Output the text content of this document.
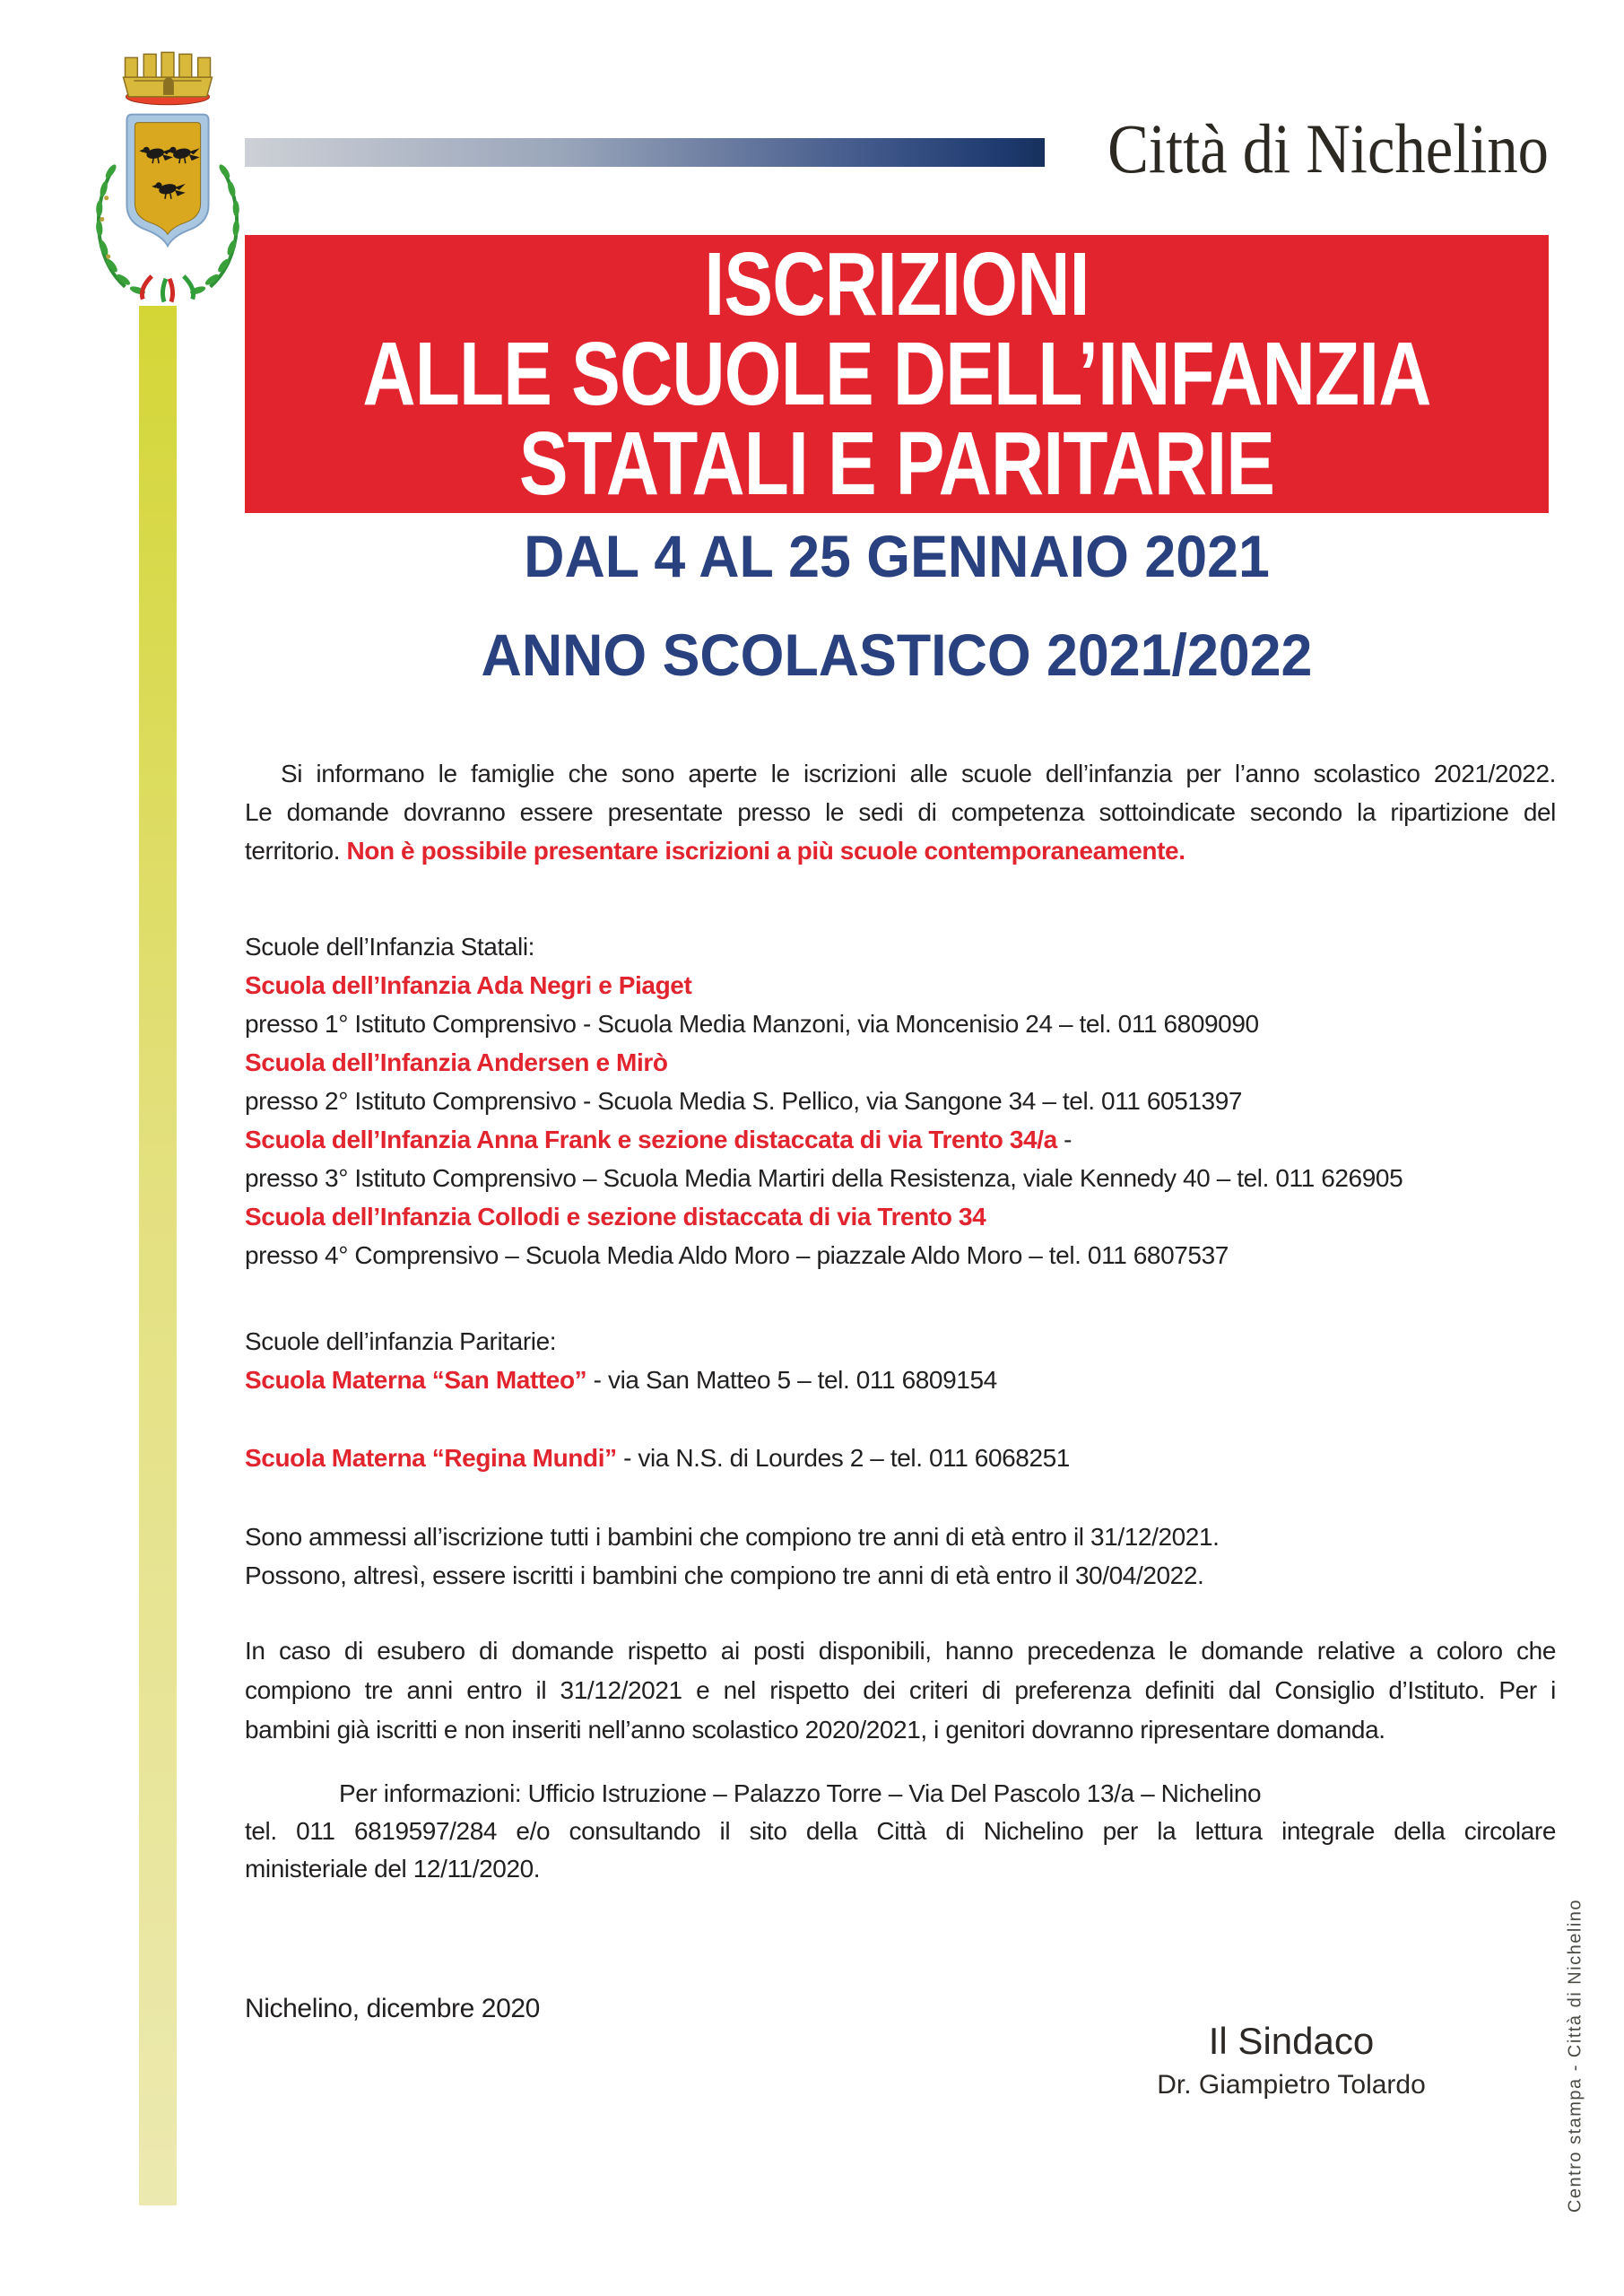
Città di Nichelino
ISCRIZIONI
ALLE SCUOLE DELL’INFANZIA
STATALI E PARITARIE
DAL 4 AL 25 GENNAIO 2021
ANNO SCOLASTICO 2021/2022
Si informano le famiglie che sono aperte le iscrizioni alle scuole dell’infanzia per l’anno scolastico 2021/2022.
Le domande dovranno essere presentate presso le sedi di competenza sottoindicate secondo la ripartizione del
territorio. Non è possibile presentare iscrizioni a più scuole contemporaneamente.
Scuole dell’Infanzia Statali:
Scuola dell’Infanzia Ada Negri e Piaget
presso 1° Istituto Comprensivo - Scuola Media Manzoni, via Moncenisio 24 – tel. 011 6809090
Scuola dell’Infanzia Andersen e Mirò
presso 2° Istituto Comprensivo - Scuola Media S. Pellico, via Sangone 34 – tel. 011 6051397
Scuola dell’Infanzia Anna Frank e sezione distaccata di via Trento 34/a -
presso 3° Istituto Comprensivo – Scuola Media Martiri della Resistenza, viale Kennedy 40 – tel. 011 626905
Scuola dell’Infanzia Collodi e sezione distaccata di via Trento 34
presso 4° Comprensivo – Scuola Media Aldo Moro – piazzale Aldo Moro – tel. 011 6807537
Scuole dell’infanzia Paritarie:
Scuola Materna “San Matteo” - via San Matteo 5 – tel. 011 6809154
Scuola Materna “Regina Mundi” - via N.S. di Lourdes 2 – tel. 011 6068251
Sono ammessi all’iscrizione tutti i bambini che compiono tre anni di età entro il 31/12/2021.
Possono, altresì, essere iscritti i bambini che compiono tre anni di età entro il 30/04/2022.
In caso di esubero di domande rispetto ai posti disponibili, hanno precedenza le domande relative a coloro che
compiono tre anni entro il 31/12/2021 e nel rispetto dei criteri di preferenza definiti dal Consiglio d’Istituto. Per i
bambini già iscritti e non inseriti nell’anno scolastico 2020/2021, i genitori dovranno ripresentare domanda.
Per informazioni: Ufficio Istruzione – Palazzo Torre – Via Del Pascolo 13/a – Nichelino
tel. 011 6819597/284 e/o consultando il sito della Città di Nichelino per la lettura integrale della circolare
ministeriale del 12/11/2020.
Nichelino, dicembre 2020
Il Sindaco
Dr. Giampietro Tolardo	Centro stampa - Città di Nichelino
